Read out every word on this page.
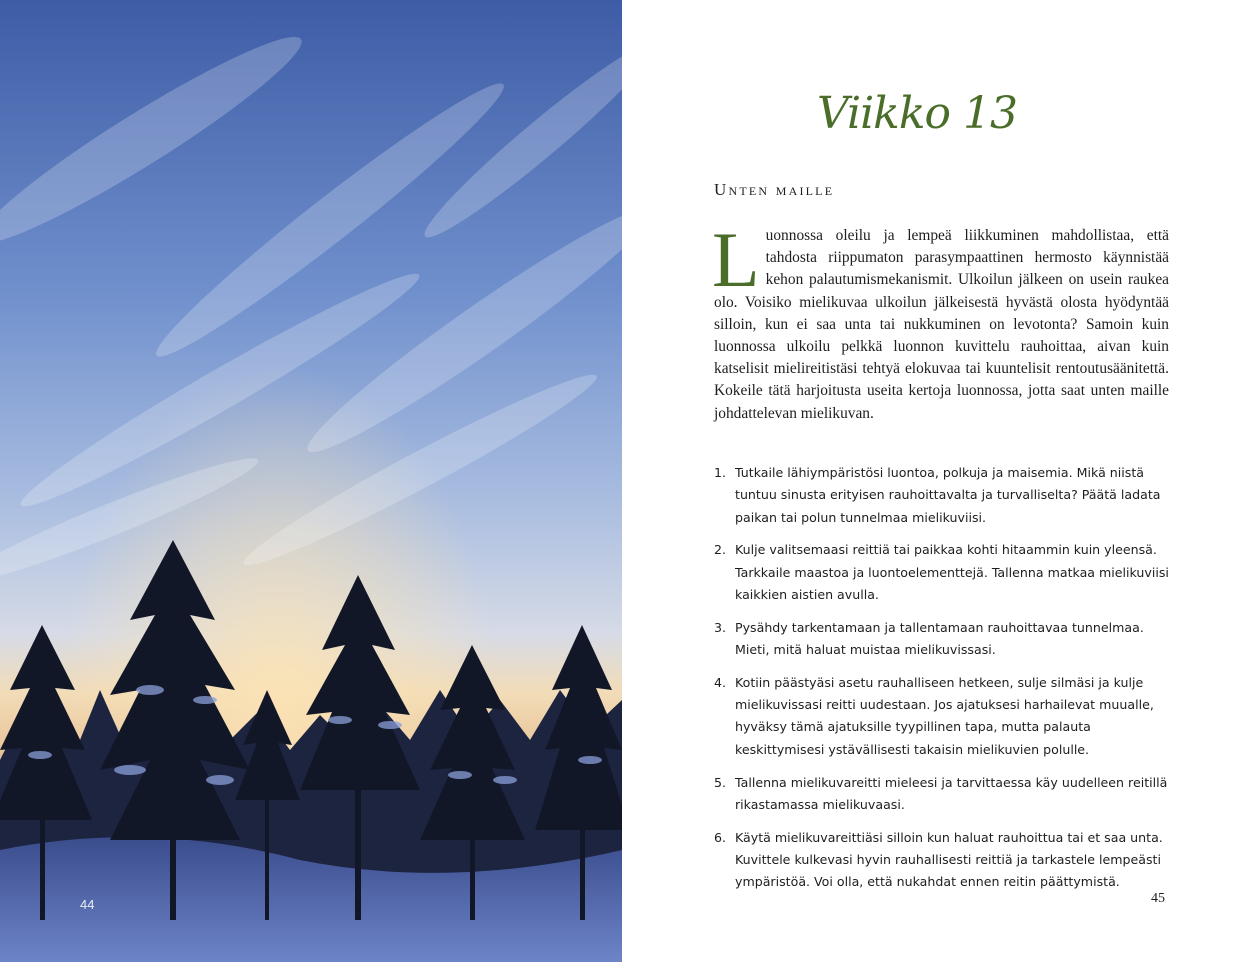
44
Viikko 13
Unten maille
Luonnossa oleilu ja lempeä liikkuminen mahdollistaa, että tahdosta riippumaton parasympaattinen hermosto käynnistää kehon palautumismekanismit. Ulkoilun jälkeen on usein raukea olo. Voisiko mielikuvaa ulkoilun jälkeisestä hyvästä olosta hyödyntää silloin, kun ei saa unta tai nukkuminen on levotonta? Samoin kuin luonnossa ulkoilu pelkkä luonnon kuvittelu rauhoittaa, aivan kuin katselisit mielireitistäsi tehtyä elokuvaa tai kuuntelisit rentoutusäänitettä. Kokeile tätä harjoitusta useita kertoja luonnossa, jotta saat unten maille johdattelevan mielikuvan.
1. Tutkaile lähiympäristösi luontoa, polkuja ja maisemia. Mikä niistä tuntuu sinusta erityisen rauhoittavalta ja turvalliselta? Päätä ladata paikan tai polun tunnelmaa mielikuviisi.
2. Kulje valitsemaasi reittiä tai paikkaa kohti hitaammin kuin yleensä. Tarkkaile maastoa ja luontoelementtejä. Tallenna matkaa mielikuviisi kaikkien aistien avulla.
3. Pysähdy tarkentamaan ja tallentamaan rauhoittavaa tunnelmaa. Mieti, mitä haluat muistaa mielikuvissasi.
4. Kotiin päästyäsi asetu rauhalliseen hetkeen, sulje silmäsi ja kulje mielikuvissasi reitti uudestaan. Jos ajatuksesi harhailevat muualle, hyväksy tämä ajatuksille tyypillinen tapa, mutta palauta keskittymisesi ystävällisesti takaisin mielikuvien polulle.
5. Tallenna mielikuvareitti mieleesi ja tarvittaessa käy uudelleen reitillä rikastamassa mielikuvaasi.
6. Käytä mielikuvareittiäsi silloin kun haluat rauhoittua tai et saa unta. Kuvittele kulkevasi hyvin rauhallisesti reittiä ja tarkastele lempeästi ympäristöä. Voi olla, että nukahdat ennen reitin päättymistä.
45
